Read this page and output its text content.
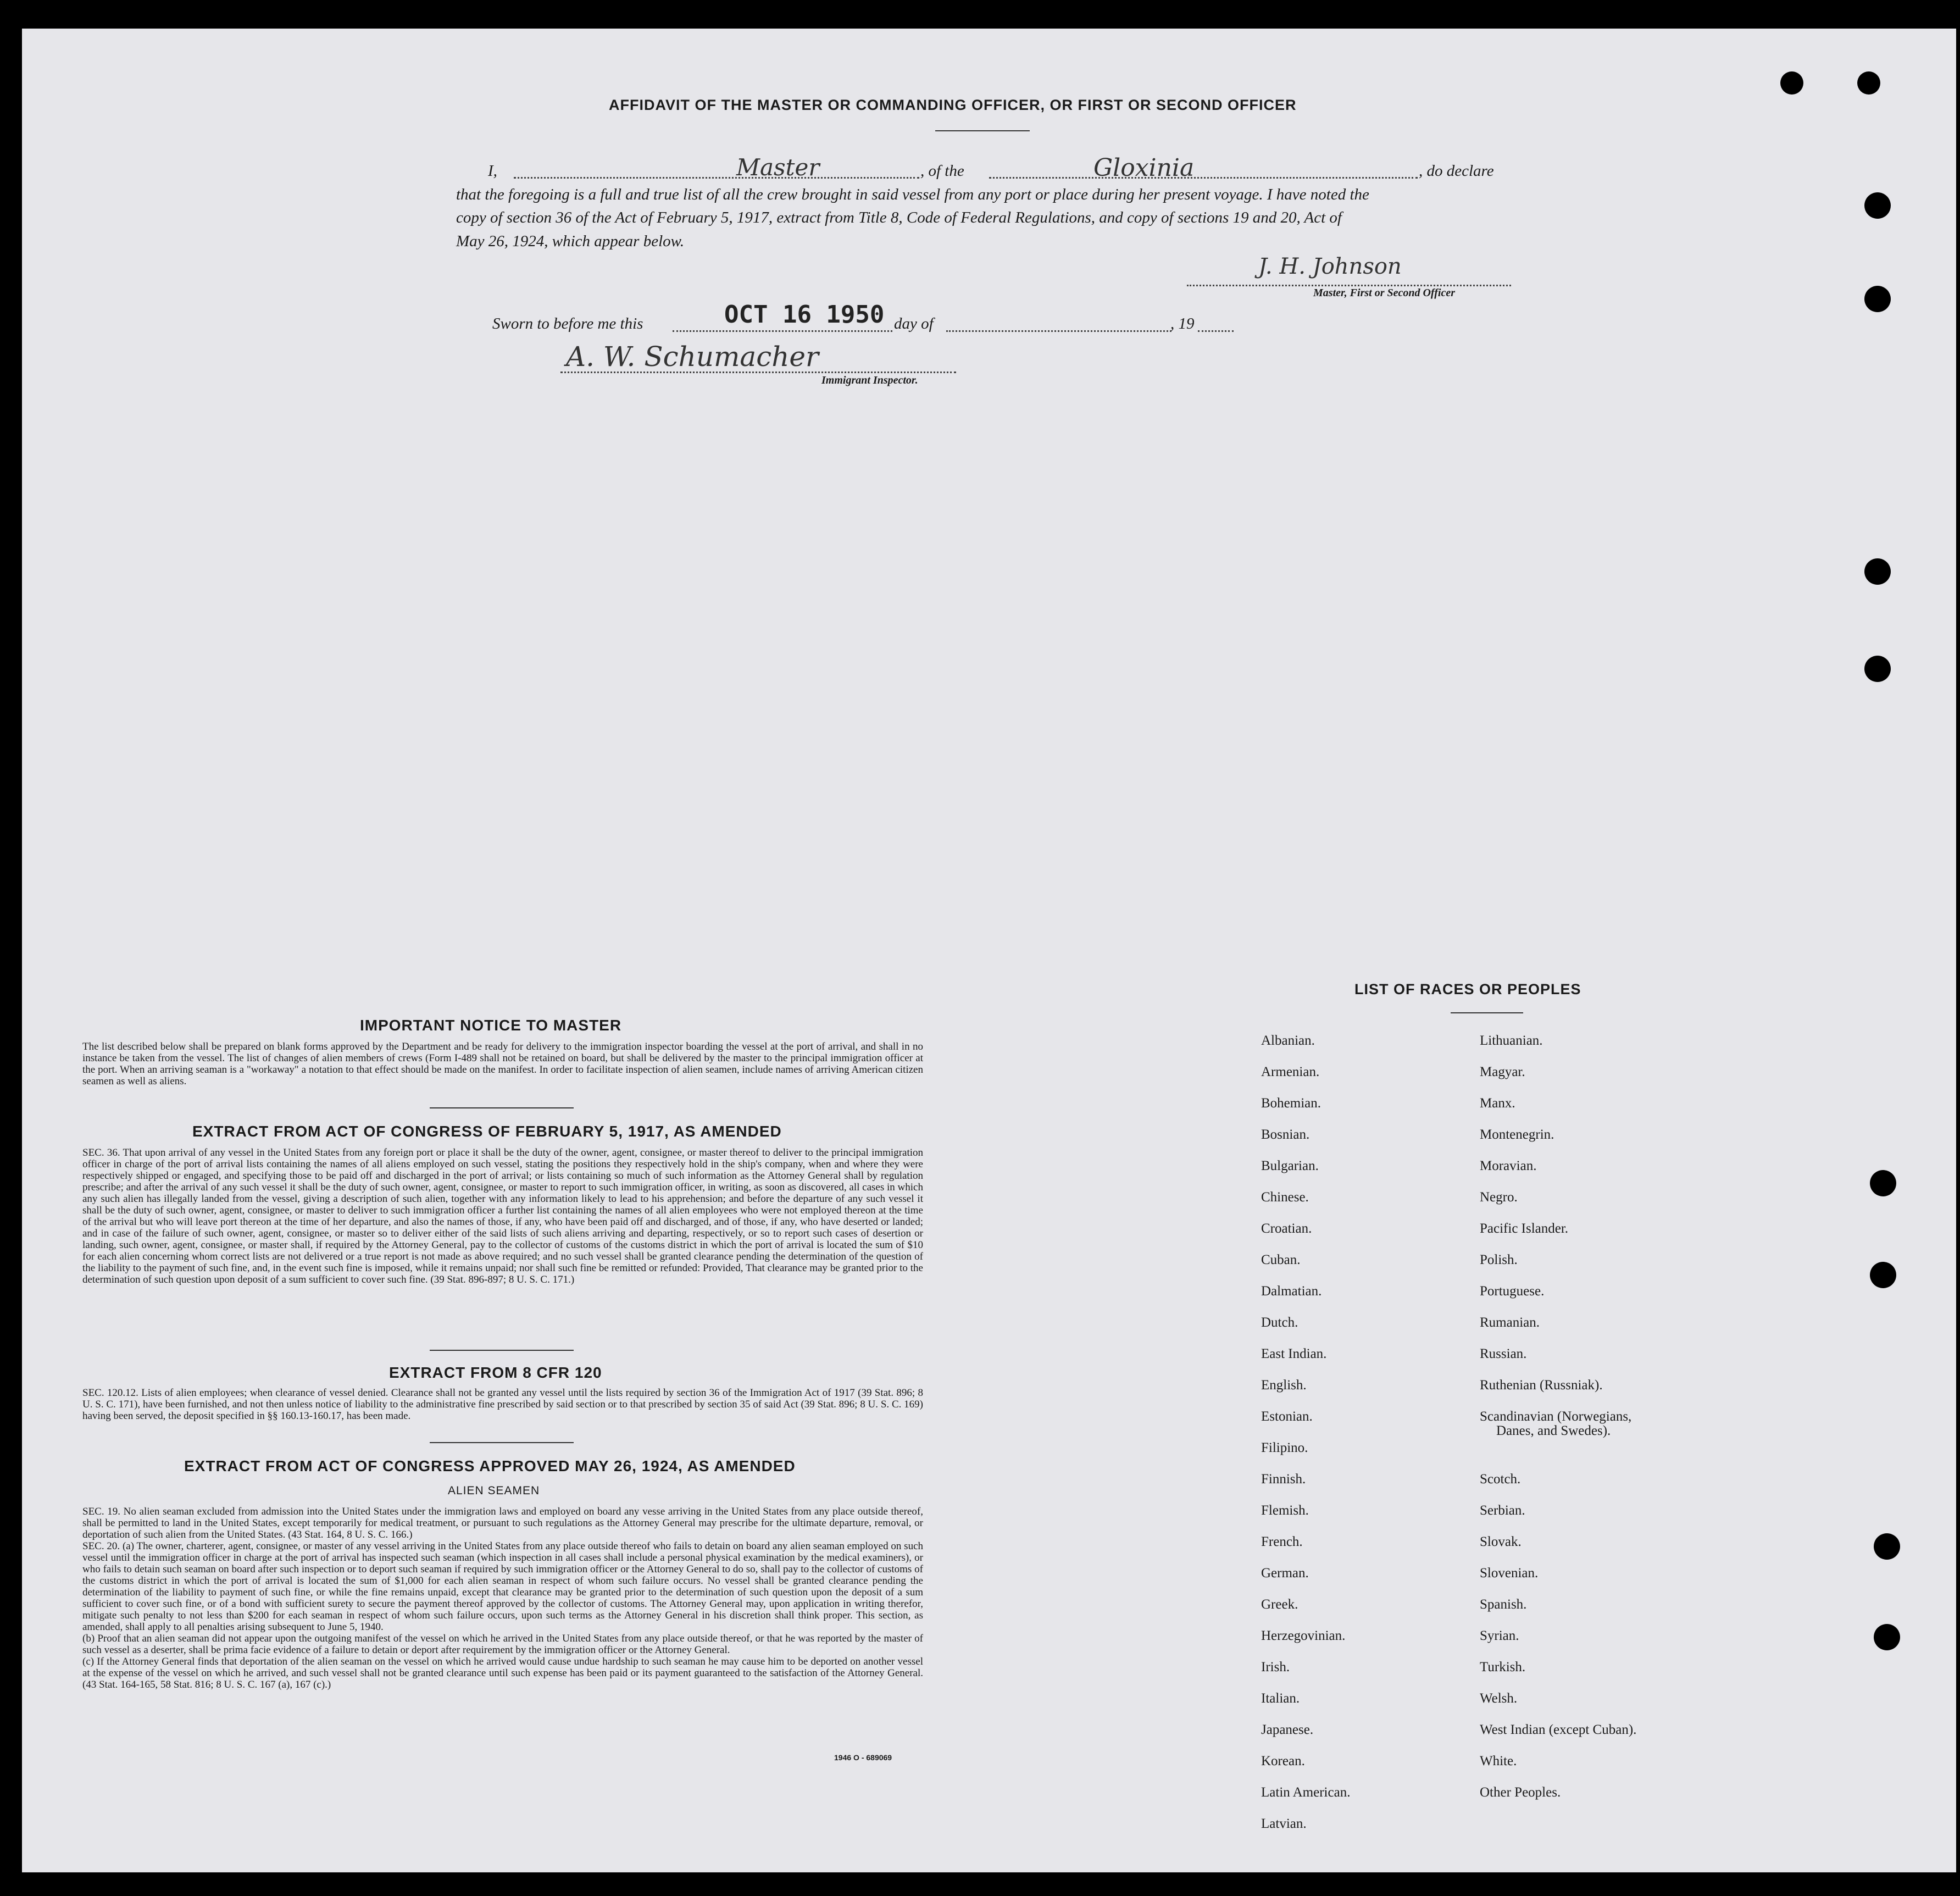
AFFIDAVIT OF THE MASTER OR COMMANDING OFFICER, OR FIRST OR SECOND OFFICER
I,	Master	, of the	Gloxinia	, do declare
that the foregoing is a full and true list of all the crew brought in said vessel from any port or place during her present voyage. I have noted the
copy of section 36 of the Act of February 5, 1917, extract from Title 8, Code of Federal Regulations, and copy of sections 19 and 20, Act of
May 26, 1924, which appear below.
J. H. Johnson
Master, First or Second Officer
Sworn to before me this	OCT 16 1950 day of	, 19
A. W. Schumacher
Immigrant Inspector.
IMPORTANT NOTICE TO MASTER
The list described below shall be prepared on blank forms approved by the Department and be ready for delivery to the immigration inspector boarding the vessel at the port of arrival, and shall in no instance be taken from the vessel. The list of changes of alien members of crews (Form I-489 shall not be retained on board, but shall be delivered by the master to the principal immigration officer at the port. When an arriving seaman is a "workaway" a notation to that effect should be made on the manifest. In order to facilitate inspection of alien seamen, include names of arriving American citizen seamen as well as aliens.
EXTRACT FROM ACT OF CONGRESS OF FEBRUARY 5, 1917, AS AMENDED
SEC. 36. That upon arrival of any vessel in the United States from any foreign port or place it shall be the duty of the owner, agent, consignee, or master thereof to deliver to the principal immigration officer in charge of the port of arrival lists containing the names of all aliens employed on such vessel, stating the positions they respectively hold in the ship's company, when and where they were respectively shipped or engaged, and specifying those to be paid off and discharged in the port of arrival; or lists containing so much of such information as the Attorney General shall by regulation prescribe; and after the arrival of any such vessel it shall be the duty of such owner, agent, consignee, or master to report to such immigration officer, in writing, as soon as discovered, all cases in which any such alien has illegally landed from the vessel, giving a description of such alien, together with any information likely to lead to his apprehension; and before the departure of any such vessel it shall be the duty of such owner, agent, consignee, or master to deliver to such immigration officer a further list containing the names of all alien employees who were not employed thereon at the time of the arrival but who will leave port thereon at the time of her departure, and also the names of those, if any, who have been paid off and discharged, and of those, if any, who have deserted or landed; and in case of the failure of such owner, agent, consignee, or master so to deliver either of the said lists of such aliens arriving and departing, respectively, or so to report such cases of desertion or landing, such owner, agent, consignee, or master shall, if required by the Attorney General, pay to the collector of customs of the customs district in which the port of arrival is located the sum of $10 for each alien concerning whom correct lists are not delivered or a true report is not made as above required; and no such vessel shall be granted clearance pending the determination of the question of the liability to the payment of such fine, and, in the event such fine is imposed, while it remains unpaid; nor shall such fine be remitted or refunded: Provided, That clearance may be granted prior to the determination of such question upon deposit of a sum sufficient to cover such fine. (39 Stat. 896-897; 8 U. S. C. 171.)
EXTRACT FROM 8 CFR 120
SEC. 120.12. Lists of alien employees; when clearance of vessel denied. Clearance shall not be granted any vessel until the lists required by section 36 of the Immigration Act of 1917 (39 Stat. 896; 8 U. S. C. 171), have been furnished, and not then unless notice of liability to the administrative fine prescribed by said section or to that prescribed by section 35 of said Act (39 Stat. 896; 8 U. S. C. 169) having been served, the deposit specified in §§ 160.13-160.17, has been made.
EXTRACT FROM ACT OF CONGRESS APPROVED MAY 26, 1924, AS AMENDED
ALIEN SEAMEN

SEC. 19. No alien seaman excluded from admission into the United States under the immigration laws and employed on board any vesse arriving in the United States from any place outside thereof, shall be permitted to land in the United States, except temporarily for medical treatment, or pursuant to such regulations as the Attorney General may prescribe for the ultimate departure, removal, or deportation of such alien from the United States. (43 Stat. 164, 8 U. S. C. 166.)

SEC. 20. (a) The owner, charterer, agent, consignee, or master of any vessel arriving in the United States from any place outside thereof who fails to detain on board any alien seaman employed on such vessel until the immigration officer in charge at the port of arrival has inspected such seaman (which inspection in all cases shall include a personal physical examination by the medical examiners), or who fails to detain such seaman on board after such inspection or to deport such seaman if required by such immigration officer or the Attorney General to do so, shall pay to the collector of customs of the customs district in which the port of arrival is located the sum of $1,000 for each alien seaman in respect of whom such failure occurs. No vessel shall be granted clearance pending the determination of the liability to payment of such fine, or while the fine remains unpaid, except that clearance may be granted prior to the determination of such question upon the deposit of a sum sufficient to cover such fine, or of a bond with sufficient surety to secure the payment thereof approved by the collector of customs. The Attorney General may, upon application in writing therefor, mitigate such penalty to not less than $200 for each seaman in respect of whom such failure occurs, upon such terms as the Attorney General in his discretion shall think proper. This section, as amended, shall apply to all penalties arising subsequent to June 5, 1940.

(b) Proof that an alien seaman did not appear upon the outgoing manifest of the vessel on which he arrived in the United States from any place outside thereof, or that he was reported by the master of such vessel as a deserter, shall be prima facie evidence of a failure to detain or deport after requirement by the immigration officer or the Attorney General.

(c) If the Attorney General finds that deportation of the alien seaman on the vessel on which he arrived would cause undue hardship to such seaman he may cause him to be deported on another vessel at the expense of the vessel on which he arrived, and such vessel shall not be granted clearance until such expense has been paid or its payment guaranteed to the satisfaction of the Attorney General. (43 Stat. 164-165, 58 Stat. 816; 8 U. S. C. 167 (a), 167 (c).)

1946 O - 689069
LIST OF RACES OR PEOPLES
Albanian.
Armenian.
Bohemian.
Bosnian.
Bulgarian.
Chinese.
Croatian.
Cuban.
Dalmatian.
Dutch.
East Indian.
English.
Estonian.
Filipino.
Finnish.
Flemish.
French.
German.
Greek.
Herzegovinian.
Irish.
Italian.
Japanese.
Korean.
Latin American.
Latvian.
Lithuanian.
Magyar.
Manx.
Montenegrin.
Moravian.
Negro.
Pacific Islander.
Polish.
Portuguese.
Rumanian.
Russian.
Ruthenian (Russniak).
Scandinavian (Norwegians,
Danes, and Swedes).
Scotch.
Serbian.
Slovak.
Slovenian.
Spanish.
Syrian.
Turkish.
Welsh.
West Indian (except Cuban).
White.
Other Peoples.
